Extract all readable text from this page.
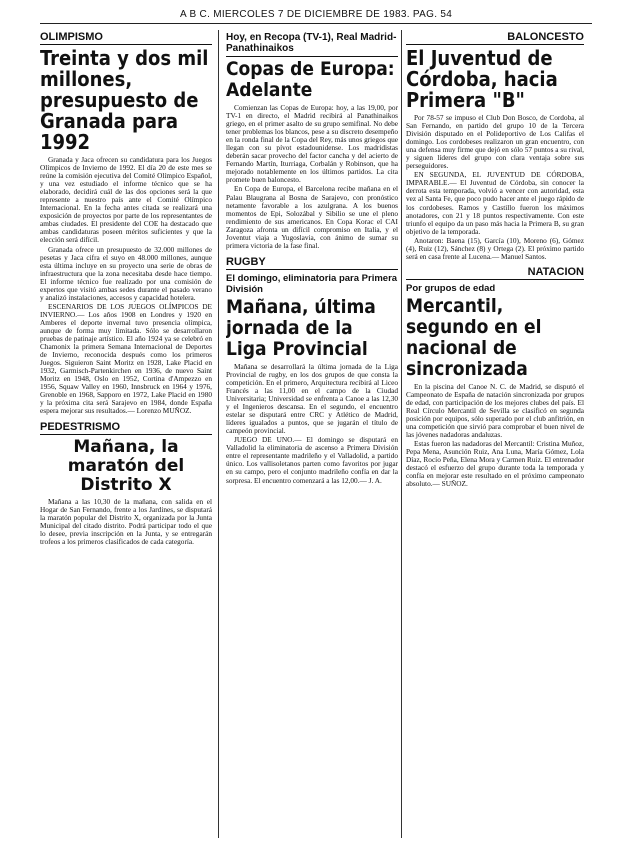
A B C. MIERCOLES 7 DE DICIEMBRE DE 1983. PAG. 54
OLIMPISMO
Treinta y dos mil millones, presupuesto de Granada para 1992

Granada y Jaca ofrecen su candidatura para los Juegos Olímpicos de Invierno de 1992. El día 20 de este mes se reúne la comisión ejecutiva del Comité Olímpico Español, y una vez estudiado el informe técnico que se ha elaborado, decidirá cuál de las dos opciones será la que represente a nuestro país ante el Comité Olímpico Internacional. En la fecha antes citada se realizará una exposición de proyectos por parte de los representantes de ambas ciudades. El presidente del COE ha destacado que ambas candidaturas poseen méritos suficientes y que la elección será difícil.

Granada ofrece un presupuesto de 32.000 millones de pesetas y Jaca cifra el suyo en 48.000 millones, aunque esta última incluye en su proyecto una serie de obras de infraestructura que la zona necesitaba desde hace tiempo. El informe técnico fue realizado por una comisión de expertos que visitó ambas sedes durante el pasado verano y analizó instalaciones, accesos y capacidad hotelera.

ESCENARIOS DE LOS JUEGOS OLÍMPICOS DE INVIERNO.— Los años 1908 en Londres y 1920 en Amberes el deporte invernal tuvo presencia olímpica, aunque de forma muy limitada. Sólo se desarrollaron pruebas de patinaje artístico. El año 1924 ya se celebró en Chamonix la primera Semana Internacional de Deportes de Invierno, reconocida después como los primeros Juegos. Siguieron Saint Moritz en 1928, Lake Placid en 1932, Garmisch-Partenkirchen en 1936, de nuevo Saint Moritz en 1948, Oslo en 1952, Cortina d'Ampezzo en 1956, Squaw Valley en 1960, Innsbruck en 1964 y 1976, Grenoble en 1968, Sapporo en 1972, Lake Placid en 1980 y la próxima cita será Sarajevo en 1984, donde España espera mejorar sus resultados.— Lorenzo MUÑOZ.

PEDESTRISMO
Mañana, la maratón del Distrito X

Mañana a las 10,30 de la mañana, con salida en el Hogar de San Fernando, frente a los Jardines, se disputará la maratón popular del Distrito X, organizada por la Junta Municipal del citado distrito. Podrá participar todo el que lo desee, previa inscripción en la Junta, y se entregarán trofeos a los primeros clasificados de cada categoría.

Hoy, en Recopa (TV-1), Real Madrid-Panathinaikos
Copas de Europa: Adelante

Comienzan las Copas de Europa: hoy, a las 19,00, por TV-1 en directo, el Madrid recibirá al Panathinaikos griego, en el primer asalto de su grupo semifinal. No debe tener problemas los blancos, pese a su discreto desempeño en la ronda final de la Copa del Rey, más unos griegos que llegan con su pívot estadounidense. Los madridistas deberán sacar provecho del factor cancha y del acierto de Fernando Martín, Iturriaga, Corbalán y Robinson, que ha mejorado notablemente en los últimos partidos. La cita promete buen baloncesto.

En Copa de Europa, el Barcelona recibe mañana en el Palau Blaugrana al Bosna de Sarajevo, con pronóstico netamente favorable a los azulgrana. A los buenos momentos de Epi, Solozábal y Sibilio se une el pleno rendimiento de sus americanos. En Copa Korac el CAI Zaragoza afronta un difícil compromiso en Italia, y el Joventut viaja a Yugoslavia, con ánimo de sumar su primera victoria de la fase final.

RUGBY
El domingo, eliminatoria para Primera División
Mañana, última jornada de la Liga Provincial

Mañana se desarrollará la última jornada de la Liga Provincial de rugby, en los dos grupos de que consta la competición. En el primero, Arquitectura recibirá al Liceo Francés a las 11,00 en el campo de la Ciudad Universitaria; Universidad se enfrenta a Canoe a las 12,30 y el Ingenieros descansa. En el segundo, el encuentro estelar se disputará entre CRC y Atlético de Madrid, líderes igualados a puntos, que se jugarán el título de campeón provincial.

JUEGO DE UNO.— El domingo se disputará en Valladolid la eliminatoria de ascenso a Primera División entre el representante madrileño y el Valladolid, a partido único. Los vallisoletanos parten como favoritos por jugar en su campo, pero el conjunto madrileño confía en dar la sorpresa. El encuentro comenzará a las 12,00.— J. A.

BALONCESTO
El Juventud de Córdoba, hacia Primera "B"

Por 78-57 se impuso el Club Don Bosco, de Cordoba, al San Fernando, en partido del grupo 10 de la Tercera División disputado en el Polideportivo de Los Califas el domingo. Los cordobeses realizaron un gran encuentro, con una defensa muy firme que dejó en sólo 57 puntos a su rival, y siguen líderes del grupo con clara ventaja sobre sus perseguidores.

EN SEGUNDA, EL JUVENTUD DE CÓRDOBA, IMPARABLE.— El Juventud de Córdoba, sin conocer la derrota esta temporada, volvió a vencer con autoridad, esta vez al Santa Fe, que poco pudo hacer ante el juego rápido de los cordobeses. Ramos y Castillo fueron los máximos anotadores, con 21 y 18 puntos respectivamente. Con este triunfo el equipo da un paso más hacia la Primera B, su gran objetivo de la temporada.

Anotaron: Baena (15), García (10), Moreno (6), Gómez (4), Ruiz (12), Sánchez (8) y Ortega (2). El próximo partido será en casa frente al Lucena.— Manuel Santos.

NATACION
Por grupos de edad
Mercantil, segundo en el nacional de sincronizada

En la piscina del Canoe N. C. de Madrid, se disputó el Campeonato de España de natación sincronizada por grupos de edad, con participación de los mejores clubes del país. El Real Círculo Mercantil de Sevilla se clasificó en segunda posición por equipos, sólo superado por el club anfitrión, en una competición que sirvió para comprobar el buen nivel de las jóvenes nadadoras andaluzas.

Estas fueron las nadadoras del Mercantil: Cristina Muñoz, Pepa Mena, Asunción Ruiz, Ana Luna, María Gómez, Lola Díaz, Rocío Peña, Elena Mora y Carmen Ruiz. El entrenador destacó el esfuerzo del grupo durante toda la temporada y confía en mejorar este resultado en el próximo campeonato absoluto.— SUÑOZ.
